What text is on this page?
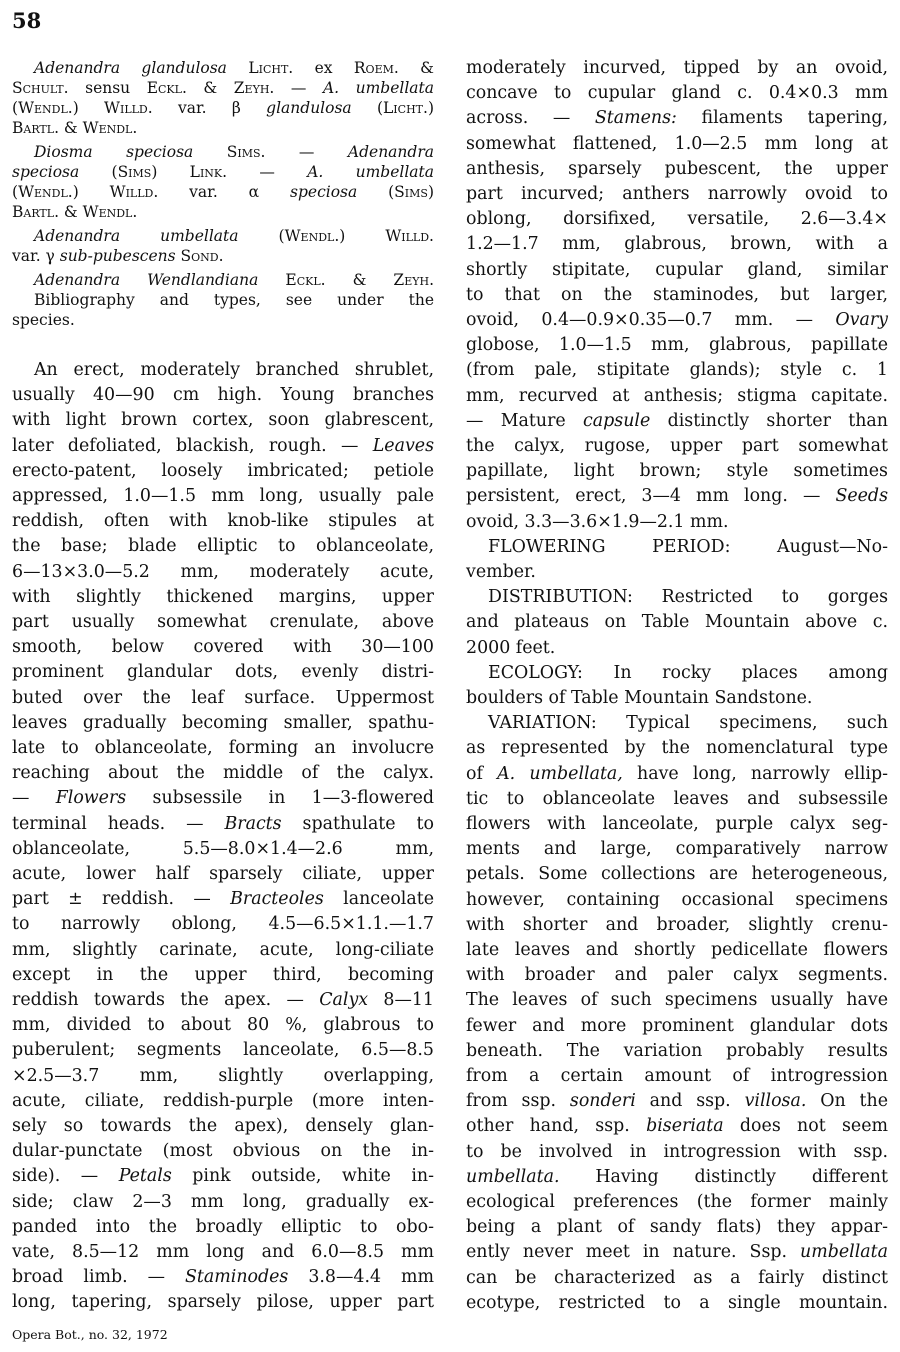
58
Adenandra glandulosa Licht. ex Roem. &
Schult. sensu Eckl. & Zeyh. — A. umbellata
(Wendl.) Willd. var. β glandulosa (Licht.)
Bartl. & Wendl.
Diosma speciosa Sims. — Adenandra
speciosa (Sims) Link. — A. umbellata
(Wendl.) Willd. var. α speciosa (Sims)
Bartl. & Wendl.
Adenandra umbellata (Wendl.) Willd.
var. γ sub-pubescens Sond.
Adenandra Wendlandiana Eckl. & Zeyh.
Bibliography and types, see under the
species.
An erect, moderately branched shrublet,
usually 40—90 cm high. Young branches
with light brown cortex, soon glabrescent,
later defoliated, blackish, rough. — Leaves
erecto-patent, loosely imbricated; petiole
appressed, 1.0—1.5 mm long, usually pale
reddish, often with knob-like stipules at
the base; blade elliptic to oblanceolate,
6—13×3.0—5.2 mm, moderately acute,
with slightly thickened margins, upper
part usually somewhat crenulate, above
smooth, below covered with 30—100
prominent glandular dots, evenly distri-
buted over the leaf surface. Uppermost
leaves gradually becoming smaller, spathu-
late to oblanceolate, forming an involucre
reaching about the middle of the calyx.
— Flowers subsessile in 1—3-flowered
terminal heads. — Bracts spathulate to
oblanceolate, 5.5—8.0×1.4—2.6 mm,
acute, lower half sparsely ciliate, upper
part ± reddish. — Bracteoles lanceolate
to narrowly oblong, 4.5—6.5×1.1.—1.7
mm, slightly carinate, acute, long-ciliate
except in the upper third, becoming
reddish towards the apex. — Calyx 8—11
mm, divided to about 80 %, glabrous to
puberulent; segments lanceolate, 6.5—8.5
×2.5—3.7 mm, slightly overlapping,
acute, ciliate, reddish-purple (more inten-
sely so towards the apex), densely glan-
dular-punctate (most obvious on the in-
side). — Petals pink outside, white in-
side; claw 2—3 mm long, gradually ex-
panded into the broadly elliptic to obo-
vate, 8.5—12 mm long and 6.0—8.5 mm
broad limb. — Staminodes 3.8—4.4 mm
long, tapering, sparsely pilose, upper part
moderately incurved, tipped by an ovoid,
concave to cupular gland c. 0.4×0.3 mm
across. — Stamens: filaments tapering,
somewhat flattened, 1.0—2.5 mm long at
anthesis, sparsely pubescent, the upper
part incurved; anthers narrowly ovoid to
oblong, dorsifixed, versatile, 2.6—3.4×
1.2—1.7 mm, glabrous, brown, with a
shortly stipitate, cupular gland, similar
to that on the staminodes, but larger,
ovoid, 0.4—0.9×0.35—0.7 mm. — Ovary
globose, 1.0—1.5 mm, glabrous, papillate
(from pale, stipitate glands); style c. 1
mm, recurved at anthesis; stigma capitate.
— Mature capsule distinctly shorter than
the calyx, rugose, upper part somewhat
papillate, light brown; style sometimes
persistent, erect, 3—4 mm long. — Seeds
ovoid, 3.3—3.6×1.9—2.1 mm.
FLOWERING PERIOD: August—No-
vember.
DISTRIBUTION: Restricted to gorges
and plateaus on Table Mountain above c.
2000 feet.
ECOLOGY: In rocky places among
boulders of Table Mountain Sandstone.
VARIATION: Typical specimens, such
as represented by the nomenclatural type
of A. umbellata, have long, narrowly ellip-
tic to oblanceolate leaves and subsessile
flowers with lanceolate, purple calyx seg-
ments and large, comparatively narrow
petals. Some collections are heterogeneous,
however, containing occasional specimens
with shorter and broader, slightly crenu-
late leaves and shortly pedicellate flowers
with broader and paler calyx segments.
The leaves of such specimens usually have
fewer and more prominent glandular dots
beneath. The variation probably results
from a certain amount of introgression
from ssp. sonderi and ssp. villosa. On the
other hand, ssp. biseriata does not seem
to be involved in introgression with ssp.
umbellata. Having distinctly different
ecological preferences (the former mainly
being a plant of sandy flats) they appar-
ently never meet in nature. Ssp. umbellata
can be characterized as a fairly distinct
ecotype, restricted to a single mountain.
Opera Bot., no. 32, 1972
